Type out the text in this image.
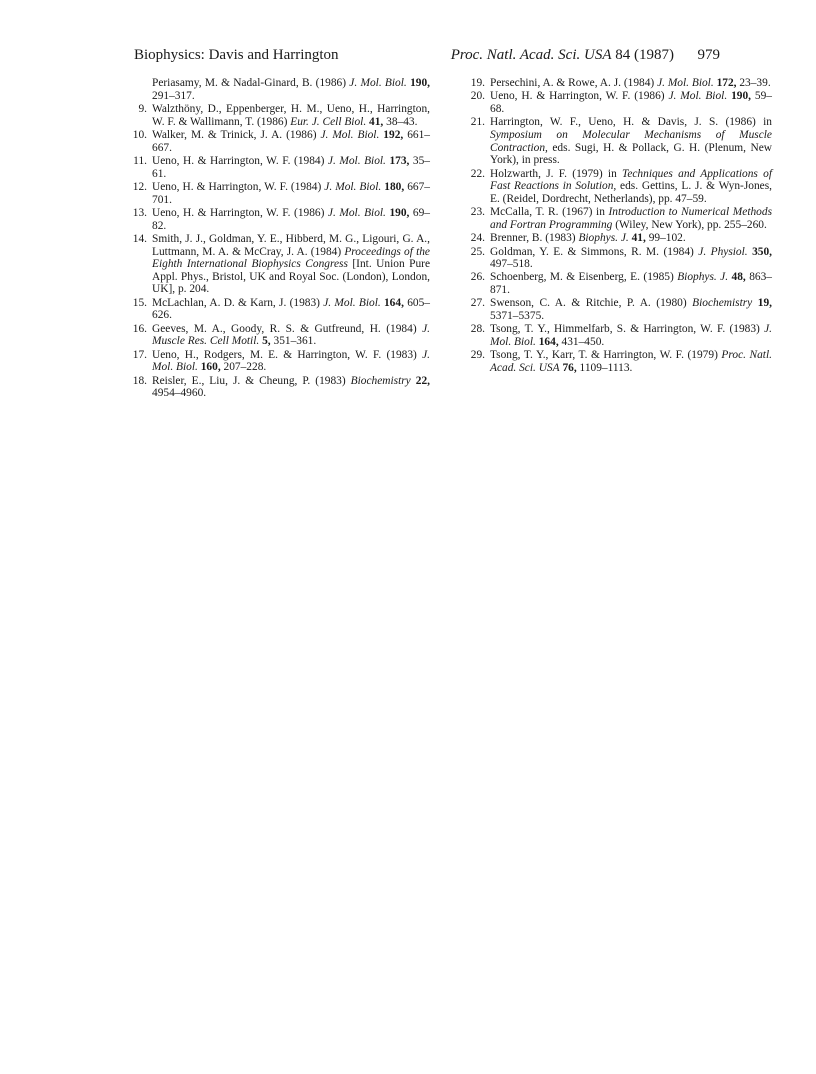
Biophysics: Davis and Harrington	Proc. Natl. Acad. Sci. USA 84 (1987) 979

Periasamy, M. & Nadal-Ginard, B. (1986) J. Mol. Biol. 190, 291–317.

9. Walzthöny, D., Eppenberger, H. M., Ueno, H., Harrington, W. F. & Wallimann, T. (1986) Eur. J. Cell Biol. 41, 38–43.

10. Walker, M. & Trinick, J. A. (1986) J. Mol. Biol. 192, 661–667.

11. Ueno, H. & Harrington, W. F. (1984) J. Mol. Biol. 173, 35–61.

12. Ueno, H. & Harrington, W. F. (1984) J. Mol. Biol. 180, 667–701.

13. Ueno, H. & Harrington, W. F. (1986) J. Mol. Biol. 190, 69–82.

14. Smith, J. J., Goldman, Y. E., Hibberd, M. G., Ligouri, G. A., Luttmann, M. A. & McCray, J. A. (1984) Proceedings of the Eighth International Biophysics Congress [Int. Union Pure Appl. Phys., Bristol, UK and Royal Soc. (London), London, UK], p. 204.

15. McLachlan, A. D. & Karn, J. (1983) J. Mol. Biol. 164, 605–626.

16. Geeves, M. A., Goody, R. S. & Gutfreund, H. (1984) J. Muscle Res. Cell Motil. 5, 351–361.

17. Ueno, H., Rodgers, M. E. & Harrington, W. F. (1983) J. Mol. Biol. 160, 207–228.

18. Reisler, E., Liu, J. & Cheung, P. (1983) Biochemistry 22, 4954–4960.

19. Persechini, A. & Rowe, A. J. (1984) J. Mol. Biol. 172, 23–39.

20. Ueno, H. & Harrington, W. F. (1986) J. Mol. Biol. 190, 59–68.

21. Harrington, W. F., Ueno, H. & Davis, J. S. (1986) in Symposium on Molecular Mechanisms of Muscle Contraction, eds. Sugi, H. & Pollack, G. H. (Plenum, New York), in press.

22. Holzwarth, J. F. (1979) in Techniques and Applications of Fast Reactions in Solution, eds. Gettins, L. J. & Wyn-Jones, E. (Reidel, Dordrecht, Netherlands), pp. 47–59.

23. McCalla, T. R. (1967) in Introduction to Numerical Methods and Fortran Programming (Wiley, New York), pp. 255–260.

24. Brenner, B. (1983) Biophys. J. 41, 99–102.

25. Goldman, Y. E. & Simmons, R. M. (1984) J. Physiol. 350, 497–518.

26. Schoenberg, M. & Eisenberg, E. (1985) Biophys. J. 48, 863–871.

27. Swenson, C. A. & Ritchie, P. A. (1980) Biochemistry 19, 5371–5375.

28. Tsong, T. Y., Himmelfarb, S. & Harrington, W. F. (1983) J. Mol. Biol. 164, 431–450.

29. Tsong, T. Y., Karr, T. & Harrington, W. F. (1979) Proc. Natl. Acad. Sci. USA 76, 1109–1113.
